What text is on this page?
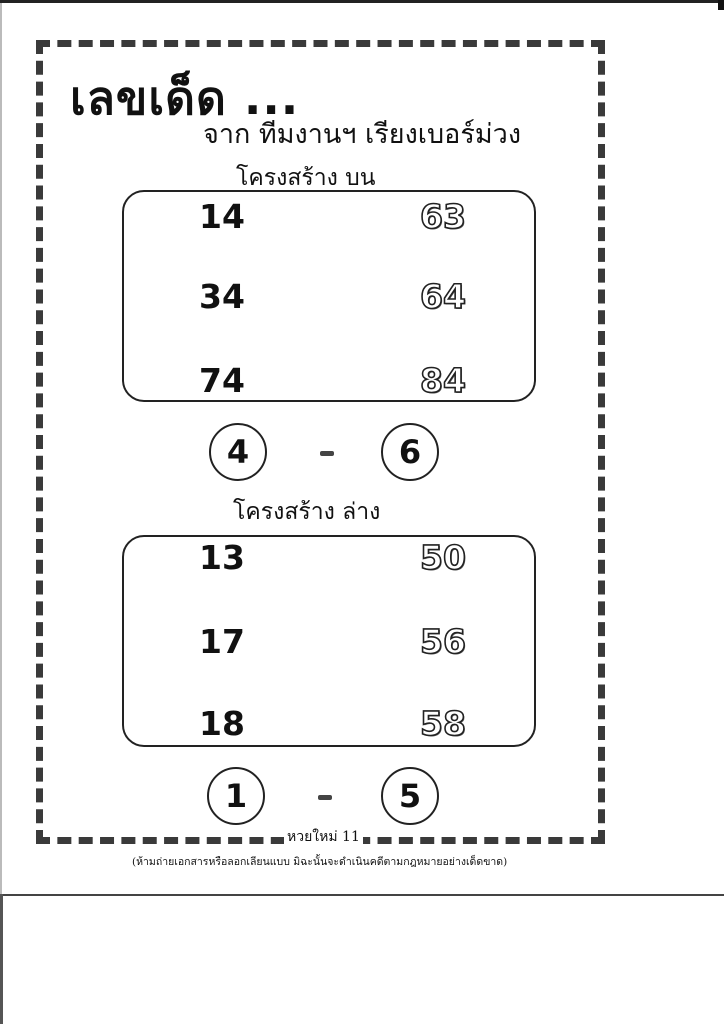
เลขเด็ด ...

จาก ทีมงานฯ เรียงเบอร์ม่วง

โครงสร้าง บน

14
34
74
63
64
84
4	6

โครงสร้าง ล่าง

13
17
18
50
56
58
1	5

หวยใหม่ 11

(ห้ามถ่ายเอกสารหรือลอกเลียนแบบ มิฉะนั้นจะดำเนินคดีตามกฎหมายอย่างเด็ดขาด)
